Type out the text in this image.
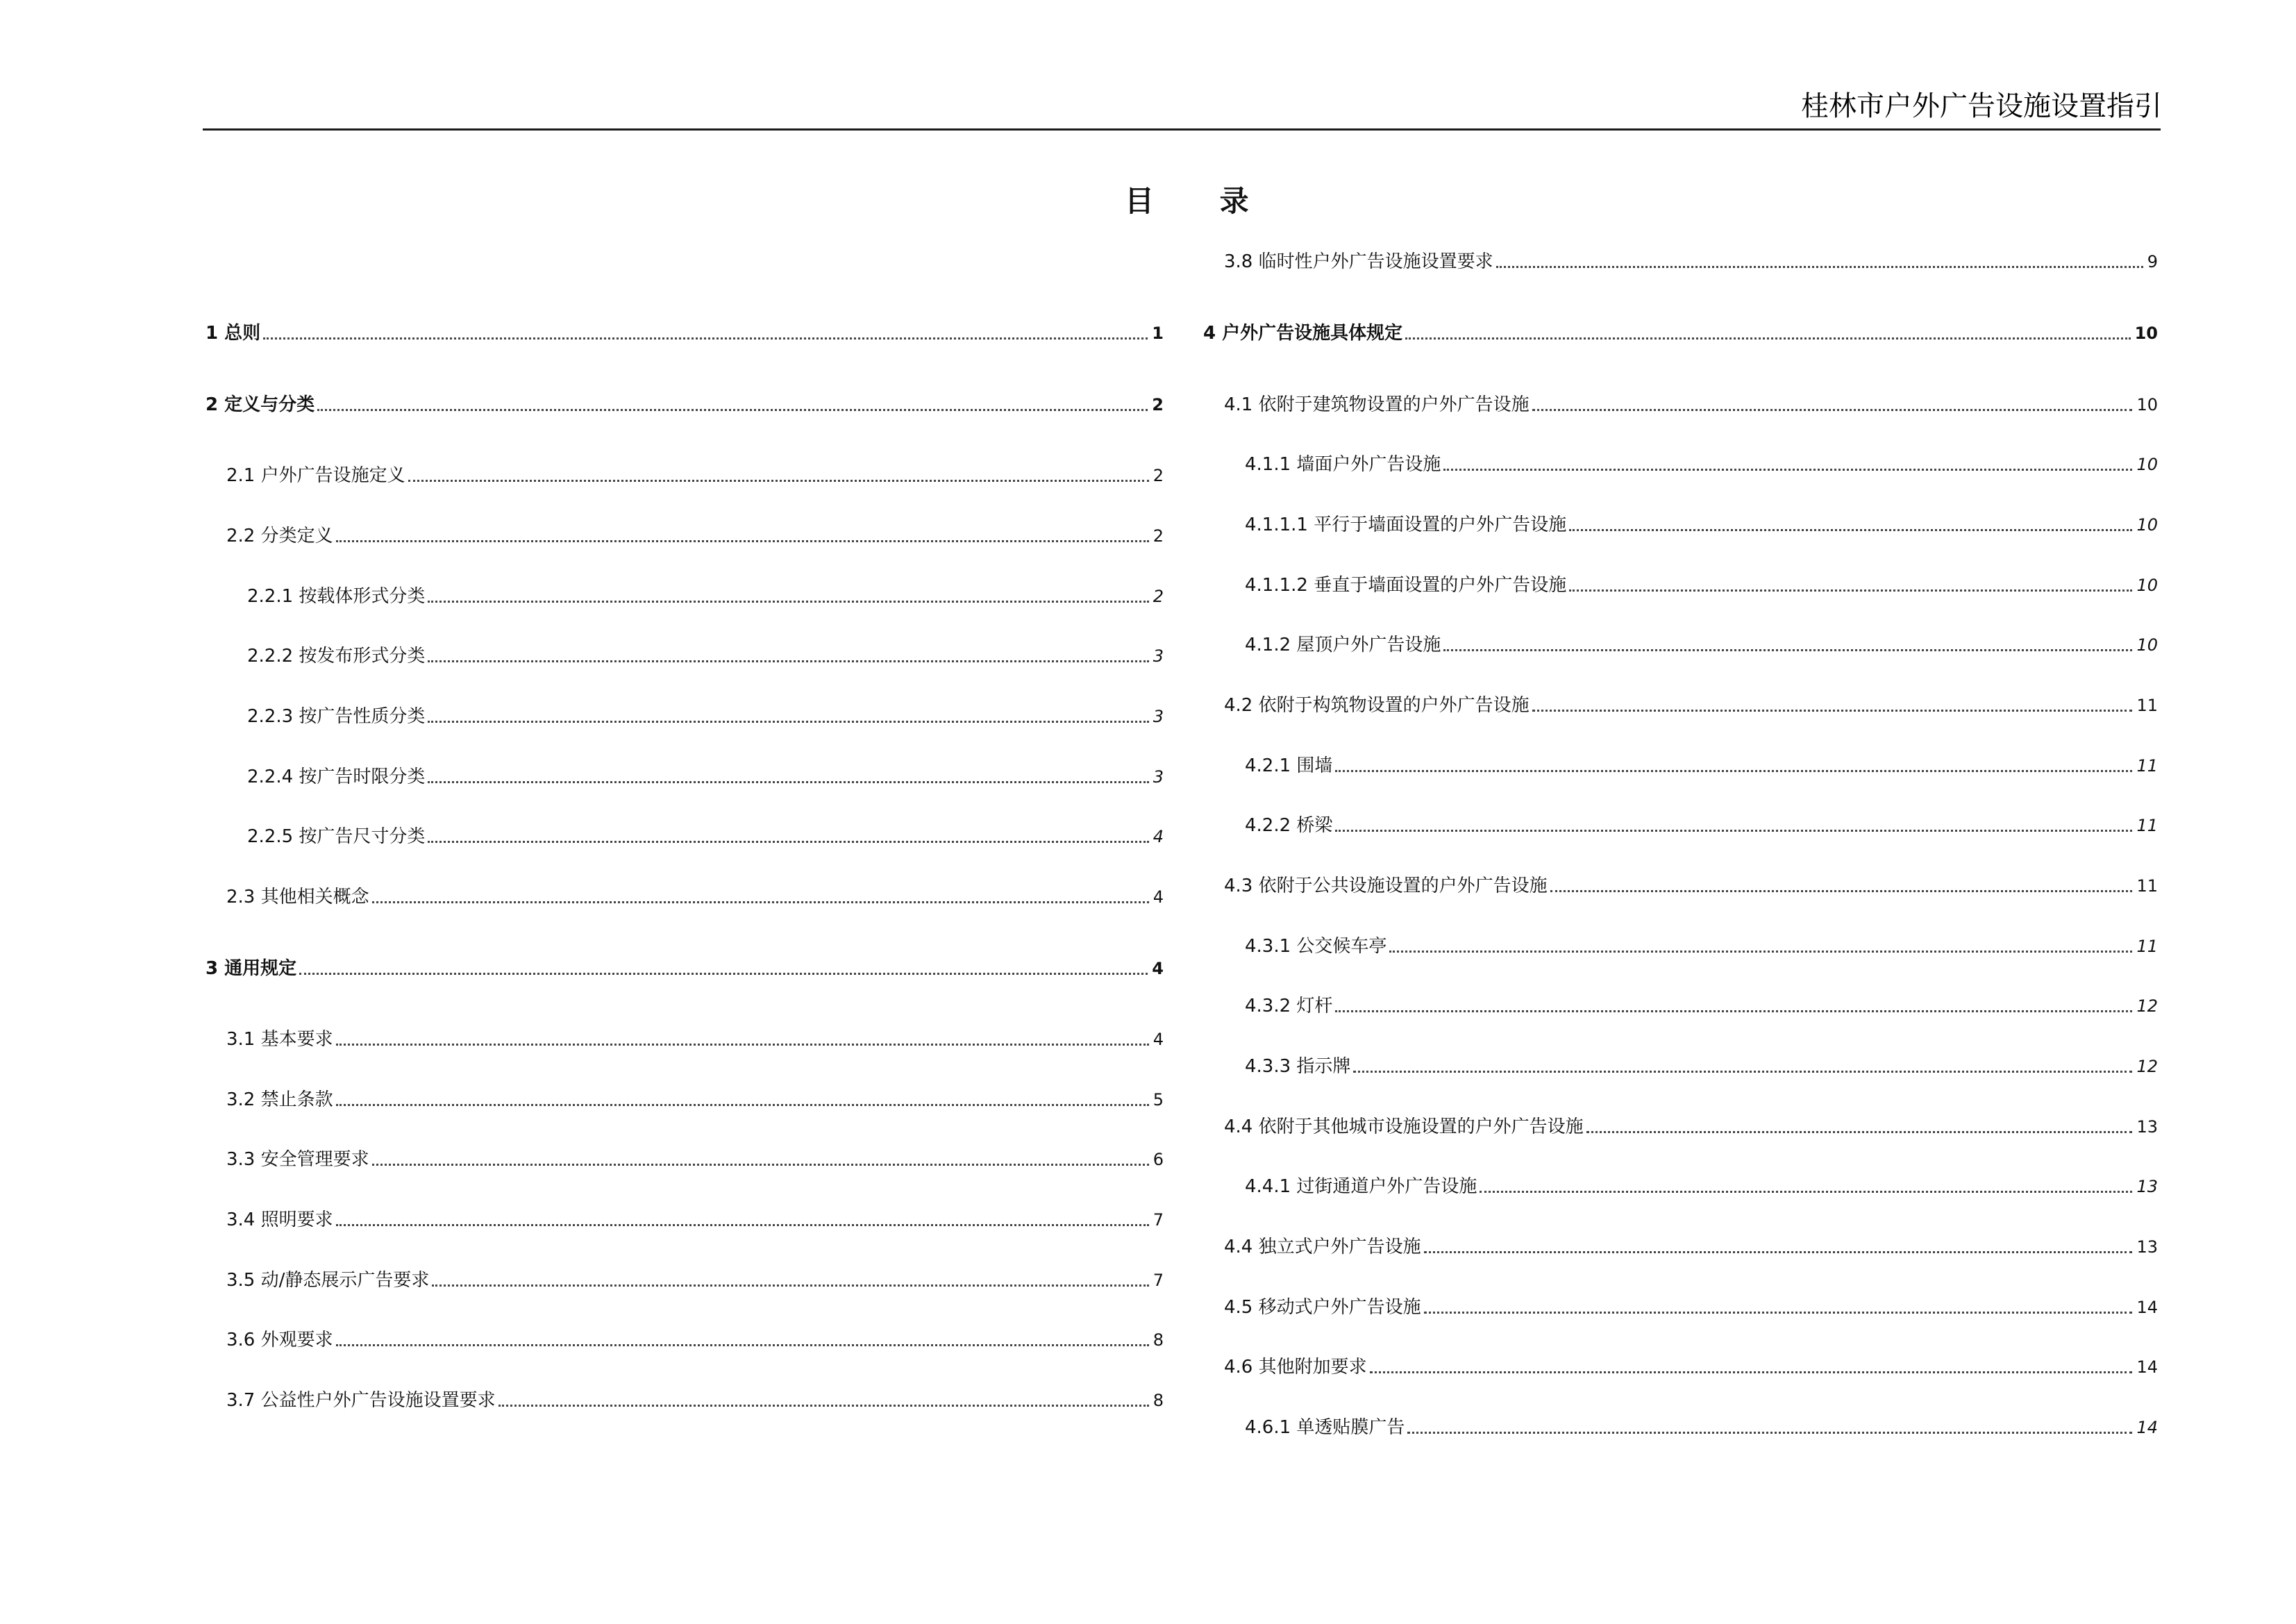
桂林市户外广告设施设置指引
目 录
1 总则	1
2 定义与分类	2
2.1 户外广告设施定义	2
2.2 分类定义	2
2.2.1 按载体形式分类	2
2.2.2 按发布形式分类	3
2.2.3 按广告性质分类	3
2.2.4 按广告时限分类	3
2.2.5 按广告尺寸分类	4
2.3 其他相关概念	4
3 通用规定	4
3.1 基本要求	4
3.2 禁止条款	5
3.3 安全管理要求	6
3.4 照明要求	7
3.5 动/静态展示广告要求	7
3.6 外观要求	8
3.7 公益性户外广告设施设置要求	8
3.8 临时性户外广告设施设置要求	9
4 户外广告设施具体规定	10
4.1 依附于建筑物设置的户外广告设施	10
4.1.1 墙面户外广告设施	10
4.1.1.1 平行于墙面设置的户外广告设施	10
4.1.1.2 垂直于墙面设置的户外广告设施	10
4.1.2 屋顶户外广告设施	10
4.2 依附于构筑物设置的户外广告设施	11
4.2.1 围墙	11
4.2.2 桥梁	11
4.3 依附于公共设施设置的户外广告设施	11
4.3.1 公交候车亭	11
4.3.2 灯杆	12
4.3.3 指示牌	12
4.4 依附于其他城市设施设置的户外广告设施	13
4.4.1 过街通道户外广告设施	13
4.4 独立式户外广告设施	13
4.5 移动式户外广告设施	14
4.6 其他附加要求	14
4.6.1 单透贴膜广告	14
